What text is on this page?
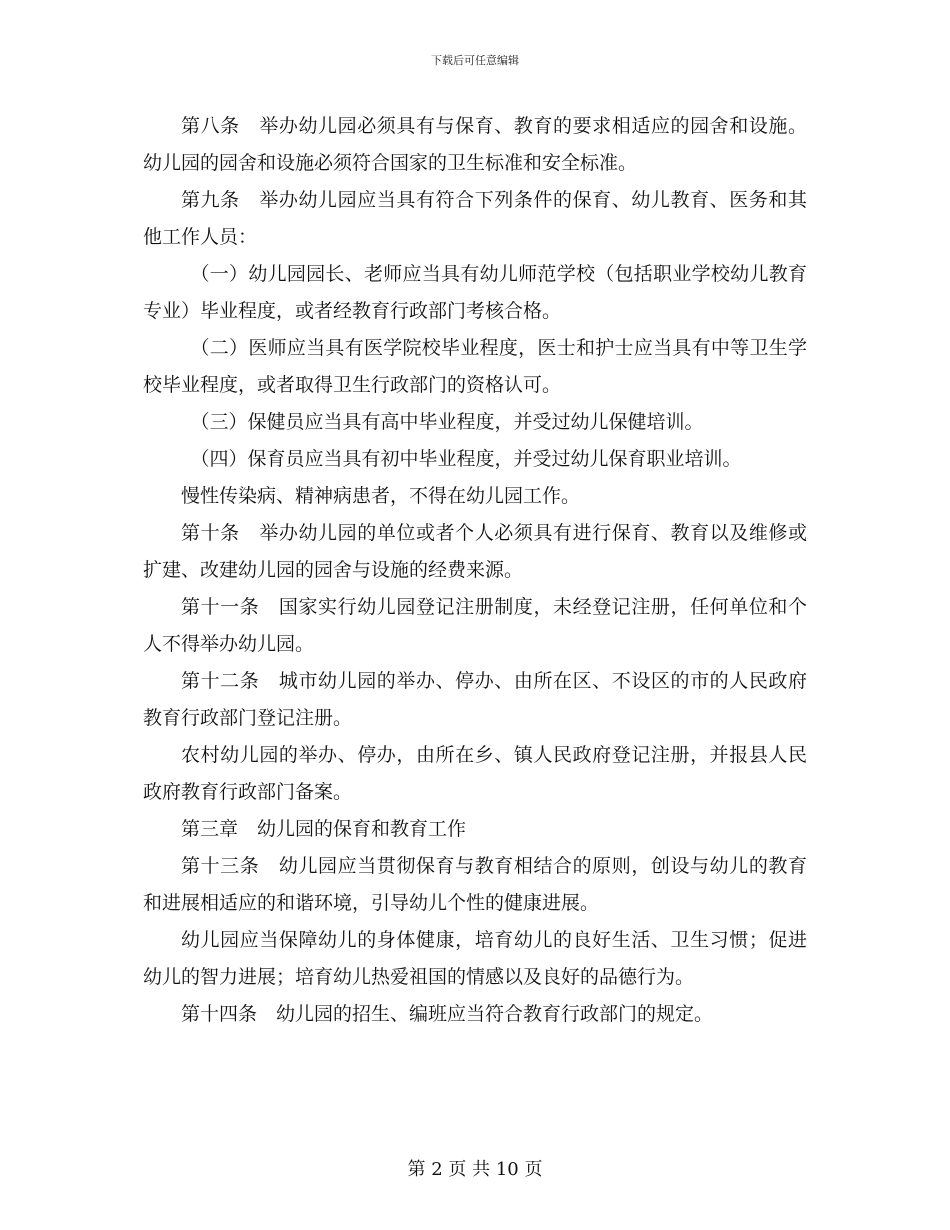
下载后可任意编辑

第八条　举办幼儿园必须具有与保育、教育的要求相适应的园舍和设施。幼儿园的园舍和设施必须符合国家的卫生标准和安全标准。

第九条　举办幼儿园应当具有符合下列条件的保育、幼儿教育、医务和其他工作人员：

（一）幼儿园园长、老师应当具有幼儿师范学校（包括职业学校幼儿教育专业）毕业程度，或者经教育行政部门考核合格。

（二）医师应当具有医学院校毕业程度，医士和护士应当具有中等卫生学校毕业程度，或者取得卫生行政部门的资格认可。

（三）保健员应当具有高中毕业程度，并受过幼儿保健培训。

（四）保育员应当具有初中毕业程度，并受过幼儿保育职业培训。

慢性传染病、精神病患者，不得在幼儿园工作。

第十条　举办幼儿园的单位或者个人必须具有进行保育、教育以及维修或扩建、改建幼儿园的园舍与设施的经费来源。

第十一条　国家实行幼儿园登记注册制度，未经登记注册，任何单位和个人不得举办幼儿园。

第十二条　城市幼儿园的举办、停办、由所在区、不设区的市的人民政府教育行政部门登记注册。

农村幼儿园的举办、停办，由所在乡、镇人民政府登记注册，并报县人民政府教育行政部门备案。

第三章　幼儿园的保育和教育工作

第十三条　幼儿园应当贯彻保育与教育相结合的原则，创设与幼儿的教育和进展相适应的和谐环境，引导幼儿个性的健康进展。

幼儿园应当保障幼儿的身体健康，培育幼儿的良好生活、卫生习惯；促进幼儿的智力进展；培育幼儿热爱祖国的情感以及良好的品德行为。

第十四条　幼儿园的招生、编班应当符合教育行政部门的规定。

第 2 页 共 10 页
